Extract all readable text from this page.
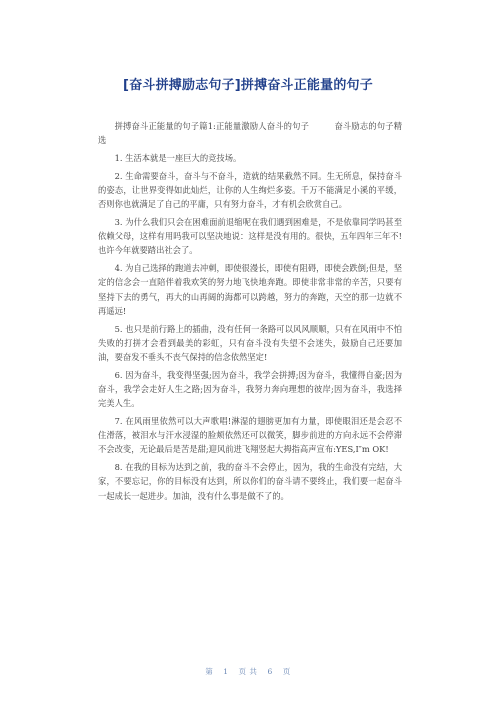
[奋斗拼搏励志句子]拼搏奋斗正能量的句子

拼搏奋斗正能量的句子篇1:正能量激励人奋斗的句子　　　奋斗励志的句子精选

1. 生活本就是一座巨大的竞技场。

2. 生命需要奋斗，奋斗与不奋斗，造就的结果截然不同。生无所息，保持奋斗的姿态，让世界变得如此灿烂，让你的人生绚烂多姿。千万不能满足小溪的平缓，否则你也就满足了自己的平庸，只有努力奋斗，才有机会欣赏自己。

3. 为什么我们只会在困难面前退缩呢在我们遇到困难是，不是依靠同学吗甚至依赖父母，这样有用吗我可以坚决地说：这样是没有用的。很快，五年四年三年不!也许今年就要踏出社会了。

4. 为自己选择的跑道去冲刺，即使很漫长，即使有阻碍，即使会跌倒;但是，坚定的信念会一直陪伴着我欢笑的努力地飞快地奔跑。即使非常非常的辛苦，只要有坚持下去的勇气，再大的山再阔的海都可以跨越，努力的奔跑，天空的那一边就不再遥远!

5. 也只是前行路上的插曲，没有任何一条路可以风风顺顺，只有在风雨中不怕失败的打拼才会看到最美的彩虹，只有奋斗没有失望不会迷失，鼓励自己还要加油，要奋发不垂头不丧气保持的信念依然坚定!

6. 因为奋斗，我变得坚强;因为奋斗，我学会拼搏;因为奋斗，我懂得自豪;因为奋斗，我学会走好人生之路;因为奋斗，我努力奔向理想的彼岸;因为奋斗，我选择完美人生。

7. 在风雨里依然可以大声歌唱!淋湿的翅膀更加有力量，即使眼泪还是会忍不住滑落，被泪水与汗水浸湿的脸颊依然还可以微笑，脚步前进的方向永远不会停滞不会改变，无论最后是苦是甜;迎风前进飞翔竖起大拇指高声宣布:YES,I″m OK!

8. 在我的目标为达到之前，我的奋斗不会停止，因为，我的生命没有完结，大家，不要忘记，你的目标没有达到，所以你们的奋斗请不要终止，我们要一起奋斗一起成长一起进步。加油，没有什么事是做不了的。

第 1 页 共 6 页
